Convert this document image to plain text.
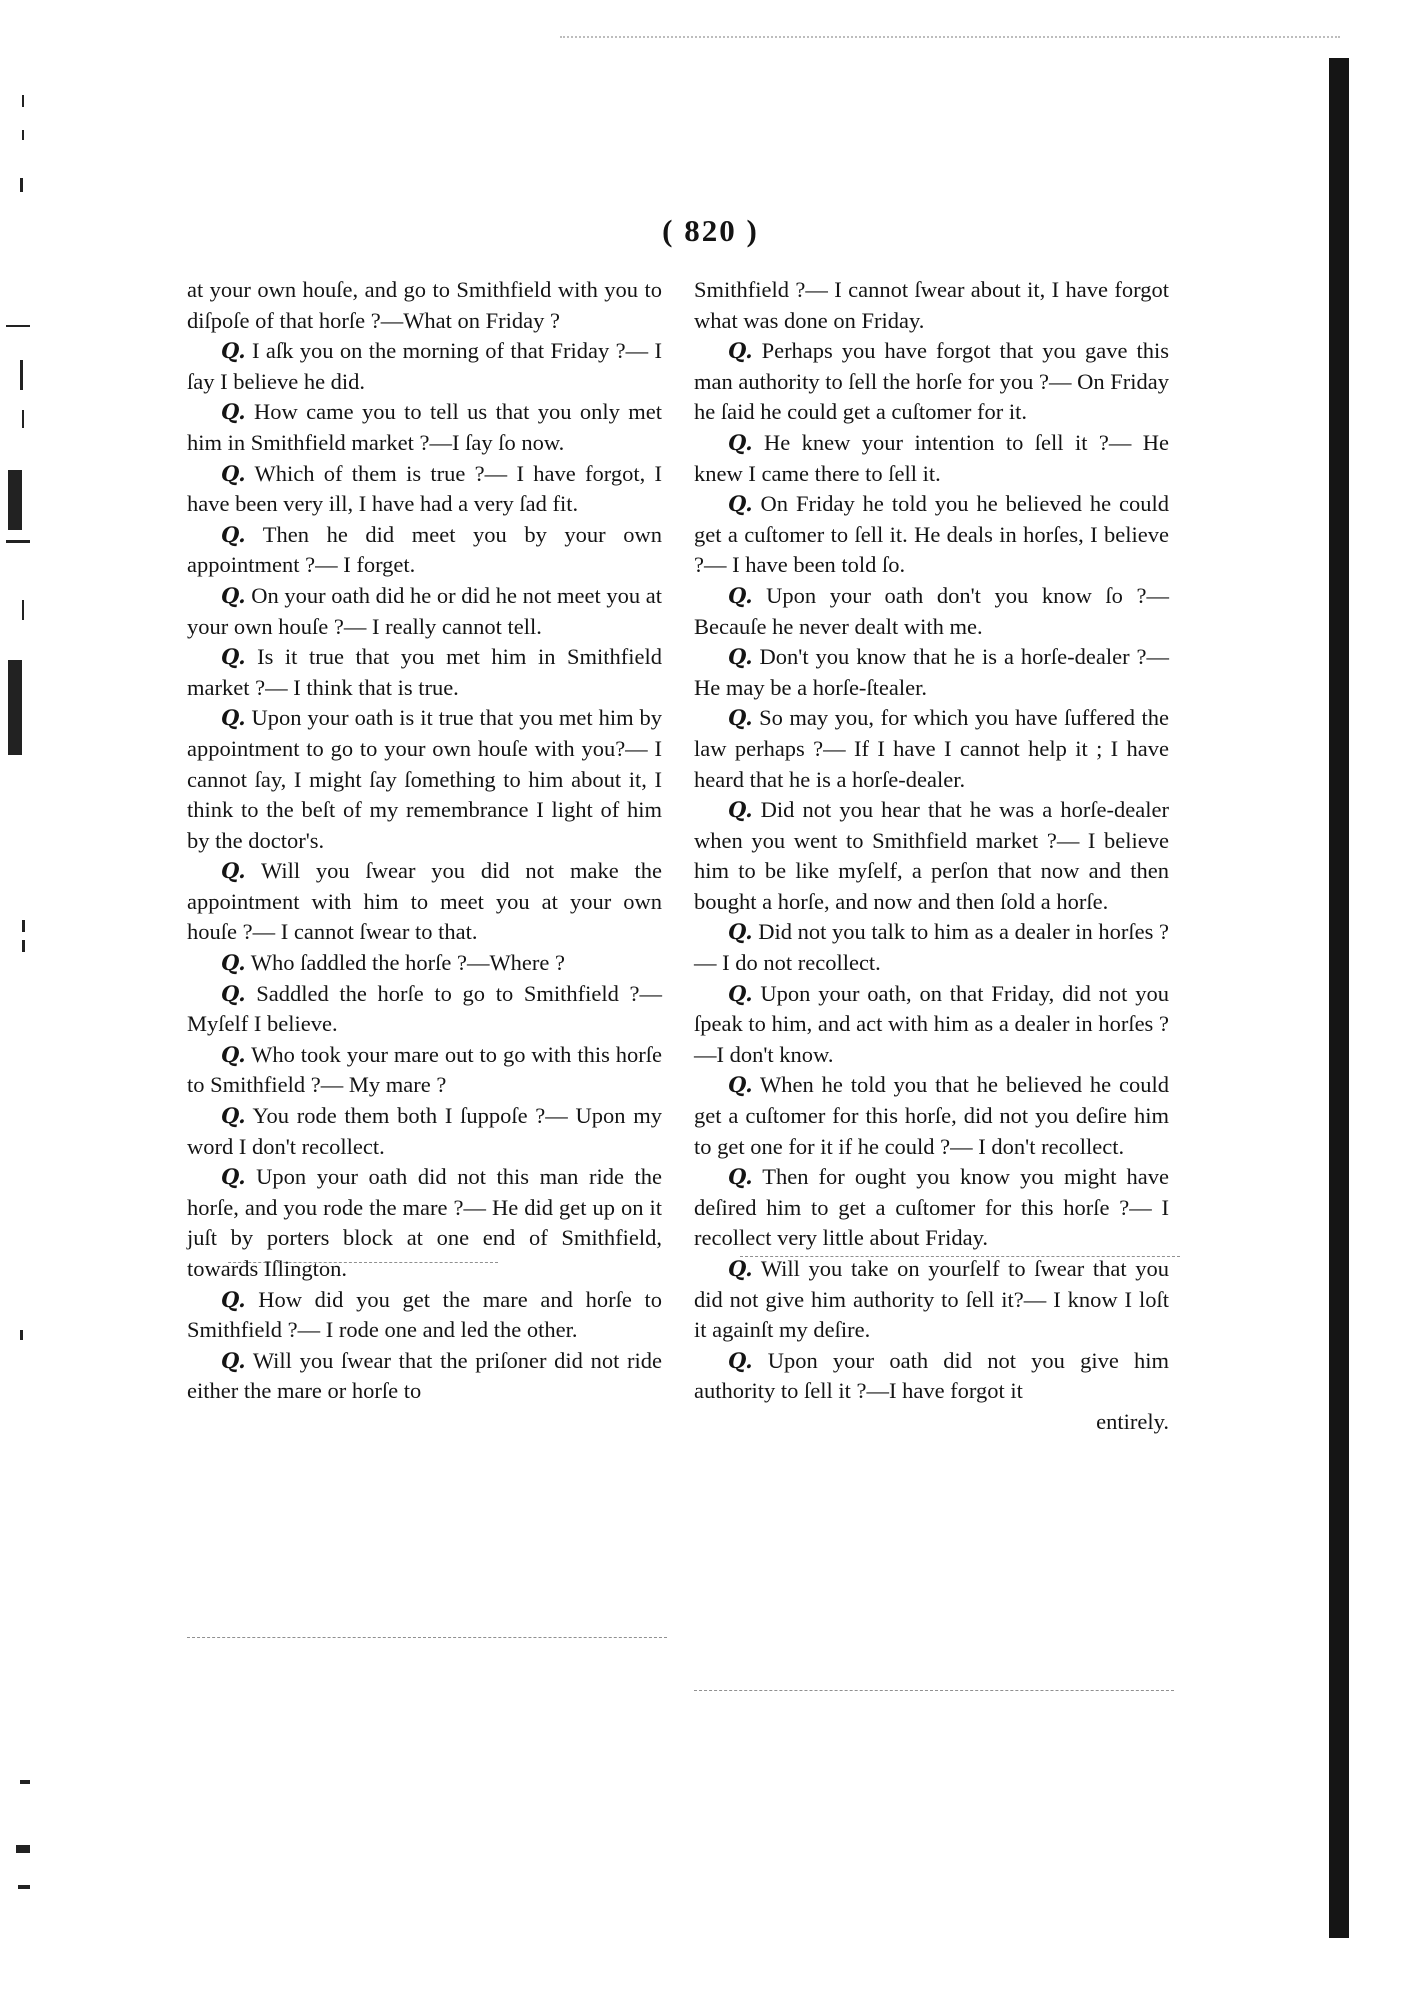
( 820 )

at your own houſe, and go to Smithfield with you to diſpoſe of that horſe ?—What on Friday ?

Q. I aſk you on the morning of that Friday ?— I ſay I believe he did.

Q. How came you to tell us that you only met him in Smithfield market ?—I ſay ſo now.

Q. Which of them is true ?— I have forgot, I have been very ill, I have had a very ſad fit.

Q. Then he did meet you by your own appointment ?— I forget.

Q. On your oath did he or did he not meet you at your own houſe ?— I really cannot tell.

Q. Is it true that you met him in Smithfield market ?— I think that is true.

Q. Upon your oath is it true that you met him by appointment to go to your own houſe with you?— I cannot ſay, I might ſay ſomething to him about it, I think to the beſt of my remembrance I light of him by the doctor's.

Q. Will you ſwear you did not make the appointment with him to meet you at your own houſe ?— I cannot ſwear to that.

Q. Who ſaddled the horſe ?—Where ?

Q. Saddled the horſe to go to Smithfield ?— Myſelf I believe.

Q. Who took your mare out to go with this horſe to Smithfield ?— My mare ?

Q. You rode them both I ſuppoſe ?— Upon my word I don't recollect.

Q. Upon your oath did not this man ride the horſe, and you rode the mare ?— He did get up on it juſt by porters block at one end of Smithfield, towards Iſlington.

Q. How did you get the mare and horſe to Smithfield ?— I rode one and led the other.

Q. Will you ſwear that the priſoner did not ride either the mare or horſe to

Smithfield ?— I cannot ſwear about it, I have forgot what was done on Friday.

Q. Perhaps you have forgot that you gave this man authority to ſell the horſe for you ?— On Friday he ſaid he could get a cuſtomer for it.

Q. He knew your intention to ſell it ?— He knew I came there to ſell it.

Q. On Friday he told you he believed he could get a cuſtomer to ſell it. He deals in horſes, I believe ?— I have been told ſo.

Q. Upon your oath don't you know ſo ?— Becauſe he never dealt with me.

Q. Don't you know that he is a horſe-dealer ?— He may be a horſe-ſtealer.

Q. So may you, for which you have ſuffered the law perhaps ?— If I have I cannot help it ; I have heard that he is a horſe-dealer.

Q. Did not you hear that he was a horſe-dealer when you went to Smithfield market ?— I believe him to be like myſelf, a perſon that now and then bought a horſe, and now and then ſold a horſe.

Q. Did not you talk to him as a dealer in horſes ?— I do not recollect.

Q. Upon your oath, on that Friday, did not you ſpeak to him, and act with him as a dealer in horſes ?—I don't know.

Q. When he told you that he believed he could get a cuſtomer for this horſe, did not you deſire him to get one for it if he could ?— I don't recollect.

Q. Then for ought you know you might have deſired him to get a cuſtomer for this horſe ?— I recollect very little about Friday.

Q. Will you take on yourſelf to ſwear that you did not give him authority to ſell it?— I know I loſt it againſt my deſire.

Q. Upon your oath did not you give him authority to ſell it ?—I have forgot it

entirely.
